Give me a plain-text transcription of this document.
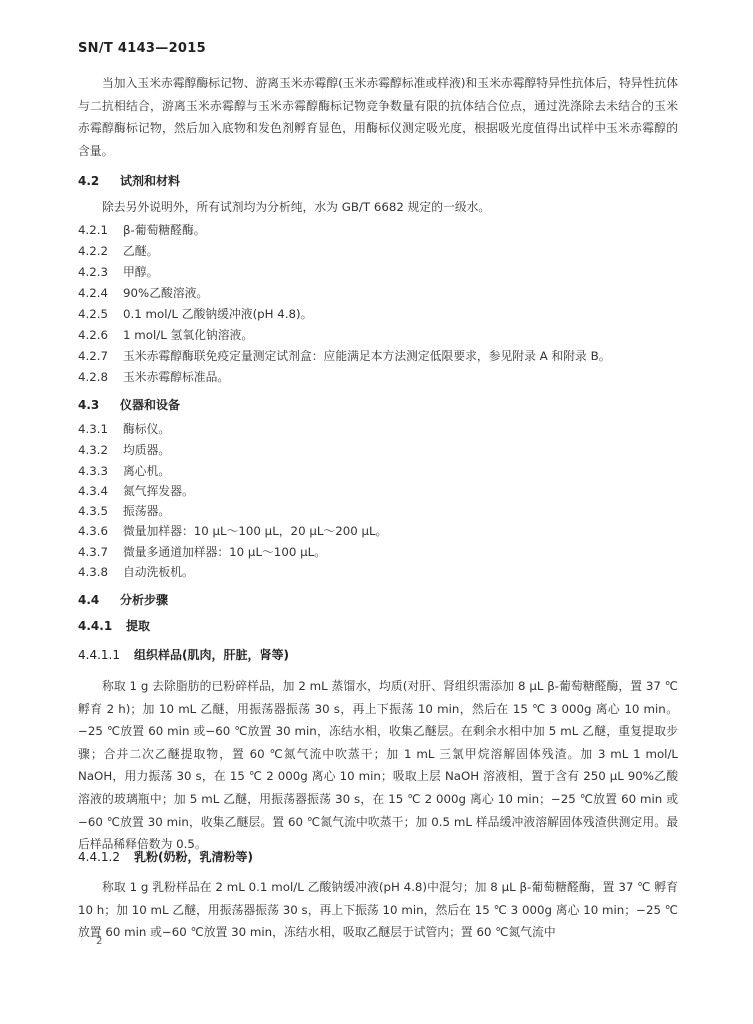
SN/T 4143—2015

当加入玉米赤霉醇酶标记物、游离玉米赤霉醇(玉米赤霉醇标准或样液)和玉米赤霉醇特异性抗体后，特异性抗体与二抗相结合，游离玉米赤霉醇与玉米赤霉醇酶标记物竞争数量有限的抗体结合位点，通过洗涤除去未结合的玉米赤霉醇酶标记物，然后加入底物和发色剂孵育显色，用酶标仪测定吸光度，根据吸光度值得出试样中玉米赤霉醇的含量。

4.2 试剂和材料

除去另外说明外，所有试剂均为分析纯，水为 GB/T 6682 规定的一级水。

4.2.1 β-葡萄糖醛酶。
4.2.2 乙醚。
4.2.3 甲醇。
4.2.4 90%乙酸溶液。
4.2.5 0.1 mol/L 乙酸钠缓冲液(pH 4.8)。
4.2.6 1 mol/L 氢氧化钠溶液。
4.2.7 玉米赤霉醇酶联免疫定量测定试剂盒：应能满足本方法测定低限要求，参见附录 A 和附录 B。
4.2.8 玉米赤霉醇标准品。
4.3 仪器和设备
4.3.1 酶标仪。
4.3.2 均质器。
4.3.3 离心机。
4.3.4 氮气挥发器。
4.3.5 振荡器。
4.3.6 微量加样器：10 μL～100 μL，20 μL～200 μL。
4.3.7 微量多通道加样器：10 μL～100 μL。
4.3.8 自动洗板机。
4.4 分析步骤
4.4.1 提取
4.4.1.1 组织样品(肌肉，肝脏，肾等)

称取 1 g 去除脂肪的已粉碎样品，加 2 mL 蒸馏水，均质(对肝、肾组织需添加 8 μL β-葡萄糖醛酶，置 37 ℃孵育 2 h)；加 10 mL 乙醚，用振荡器振荡 30 s，再上下振荡 10 min，然后在 15 ℃ 3 000g 离心 10 min。−25 ℃放置 60 min 或−60 ℃放置 30 min，冻结水相，收集乙醚层。在剩余水相中加 5 mL 乙醚，重复提取步骤；合并二次乙醚提取物，置 60 ℃氮气流中吹蒸干；加 1 mL 三氯甲烷溶解固体残渣。加 3 mL 1 mol/L NaOH，用力振荡 30 s，在 15 ℃ 2 000g 离心 10 min；吸取上层 NaOH 溶液相，置于含有 250 μL 90%乙酸溶液的玻璃瓶中；加 5 mL 乙醚，用振荡器振荡 30 s，在 15 ℃ 2 000g 离心 10 min；−25 ℃放置 60 min 或−60 ℃放置 30 min，收集乙醚层。置 60 ℃氮气流中吹蒸干；加 0.5 mL 样品缓冲液溶解固体残渣供测定用。最后样品稀释倍数为 0.5。

4.4.1.2 乳粉(奶粉，乳清粉等)

称取 1 g 乳粉样品在 2 mL 0.1 mol/L 乙酸钠缓冲液(pH 4.8)中混匀；加 8 μL β-葡萄糖醛酶，置 37 ℃ 孵育 10 h；加 10 mL 乙醚，用振荡器振荡 30 s，再上下振荡 10 min，然后在 15 ℃ 3 000g 离心 10 min；−25 ℃放置 60 min 或−60 ℃放置 30 min，冻结水相，吸取乙醚层于试管内；置 60 ℃氮气流中

2
